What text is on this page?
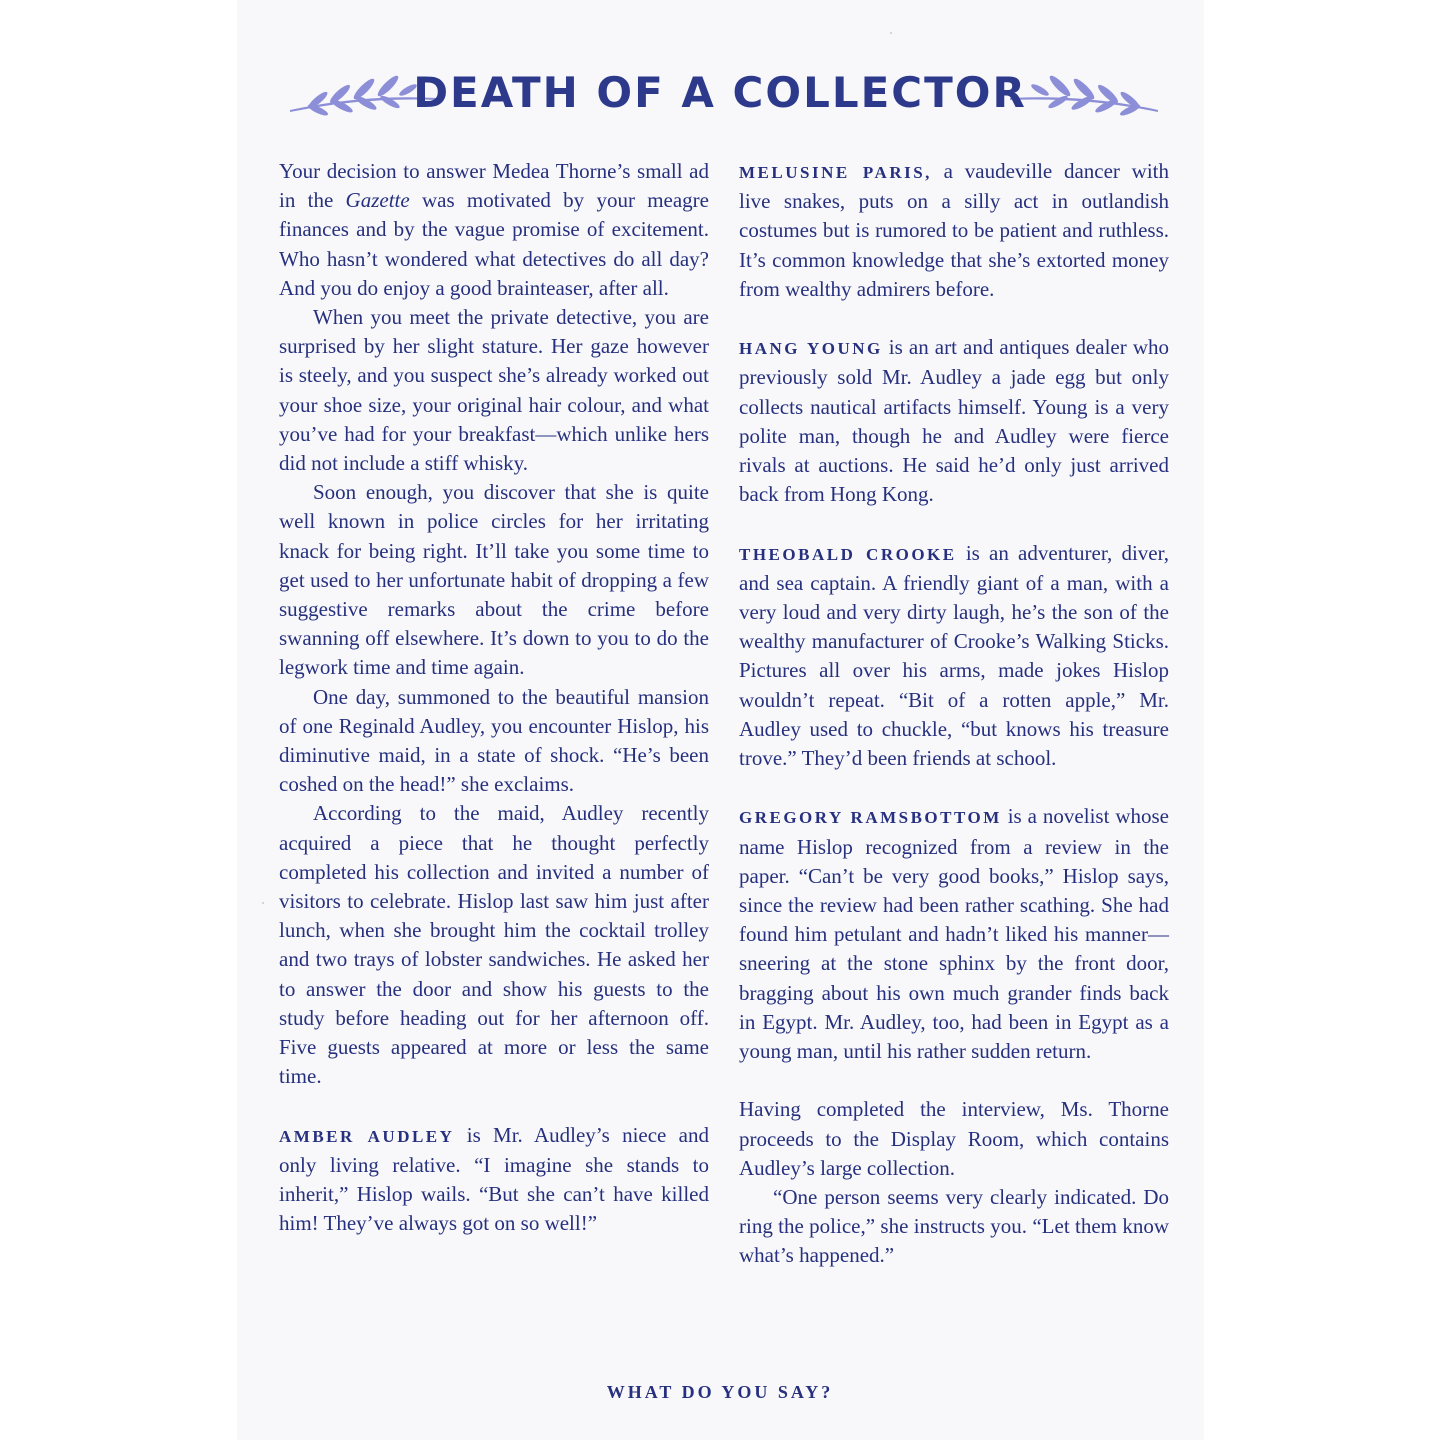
DEATH OF A COLLECTOR

Your decision to answer Medea Thorne’s small ad in the Gazette was motivated by your meagre finances and by the vague promise of excitement. Who hasn’t wondered what detectives do all day? And you do enjoy a good brainteaser, after all.

When you meet the private detective, you are surprised by her slight stature. Her gaze however is steely, and you suspect she’s already worked out your shoe size, your original hair colour, and what you’ve had for your breakfast—which unlike hers did not include a stiff whisky.

Soon enough, you discover that she is quite well known in police circles for her irritating knack for being right. It’ll take you some time to get used to her unfortunate habit of dropping a few suggestive remarks about the crime before swanning off elsewhere. It’s down to you to do the legwork time and time again.

One day, summoned to the beautiful mansion of one Reginald Audley, you encounter Hislop, his diminutive maid, in a state of shock. “He’s been coshed on the head!” she exclaims.

According to the maid, Audley recently acquired a piece that he thought perfectly completed his collection and invited a number of visitors to celebrate. Hislop last saw him just after lunch, when she brought him the cocktail trolley and two trays of lobster sandwiches. He asked her to answer the door and show his guests to the study before heading out for her afternoon off. Five guests appeared at more or less the same time.

AMBER AUDLEY is Mr. Audley’s niece and only living relative. “I imagine she stands to inherit,” Hislop wails. “But she can’t have killed him! They’ve always got on so well!”

MELUSINE PARIS, a vaudeville dancer with live snakes, puts on a silly act in outlandish costumes but is rumored to be patient and ruthless. It’s common knowledge that she’s extorted money from wealthy admirers before.

HANG YOUNG is an art and antiques dealer who previously sold Mr. Audley a jade egg but only collects nautical artifacts himself. Young is a very polite man, though he and Audley were fierce rivals at auctions. He said he’d only just arrived back from Hong Kong.

THEOBALD CROOKE is an adventurer, diver, and sea captain. A friendly giant of a man, with a very loud and very dirty laugh, he’s the son of the wealthy manufacturer of Crooke’s Walking Sticks. Pictures all over his arms, made jokes Hislop wouldn’t repeat. “Bit of a rotten apple,” Mr. Audley used to chuckle, “but knows his treasure trove.” They’d been friends at school.

GREGORY RAMSBOTTOM is a novelist whose name Hislop recognized from a review in the paper. “Can’t be very good books,” Hislop says, since the review had been rather scathing. She had found him petulant and hadn’t liked his manner—sneering at the stone sphinx by the front door, bragging about his own much grander finds back in Egypt. Mr. Audley, too, had been in Egypt as a young man, until his rather sudden return.

Having completed the interview, Ms. Thorne proceeds to the Display Room, which contains Audley’s large collection.

“One person seems very clearly indicated. Do ring the police,” she instructs you. “Let them know what’s happened.”

WHAT DO YOU SAY?
